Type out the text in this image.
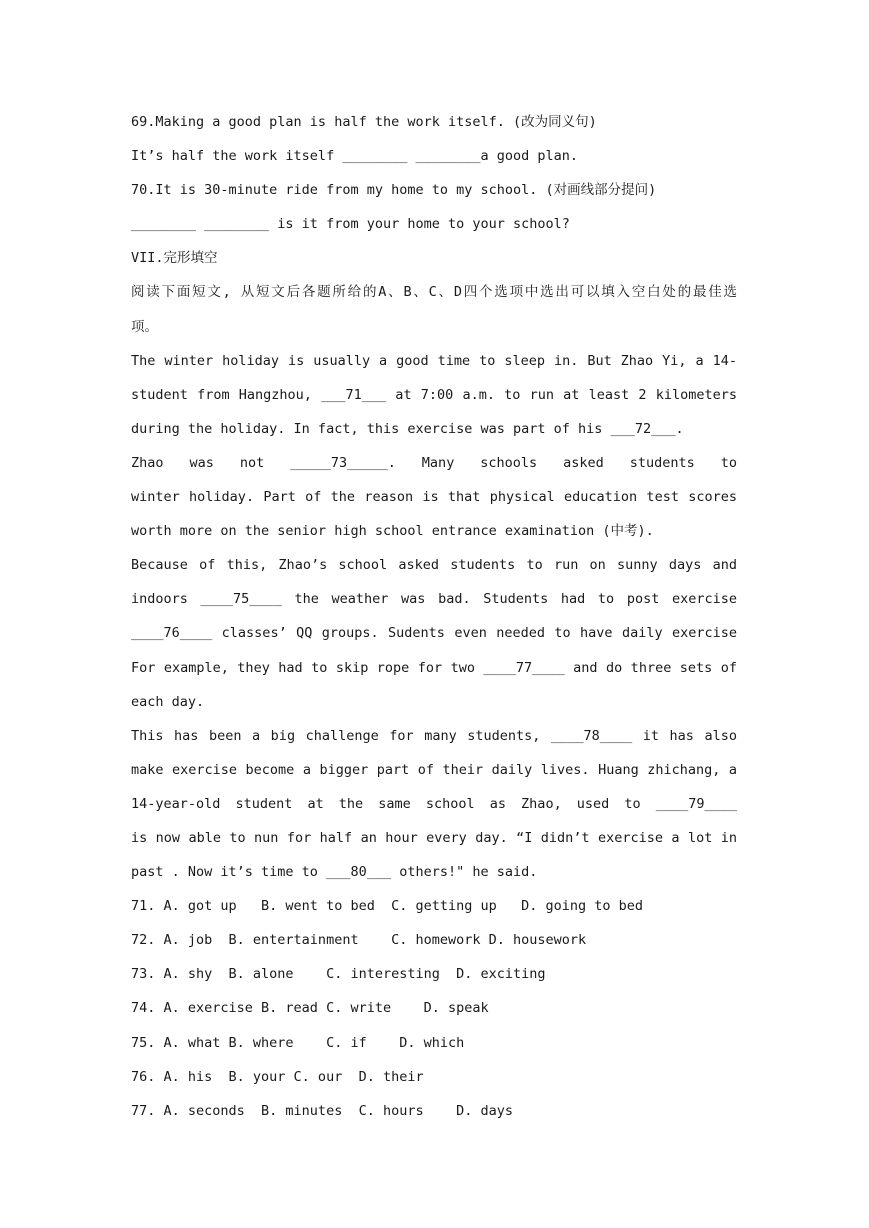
69.Making a good plan is half the work itself. (改为同义句)
It’s half the work itself ________ ________a good plan.
70.It is 30-minute ride from my home to my school. (对画线部分提问)
________ ________ is it from your home to your school?
VII.完形填空
阅读下面短文, 从短文后各题所给的A、B、C、D四个选项中选出可以填入空白处的最佳选
项。
The winter holiday is usually a good time to sleep in. But Zhao Yi, a 14-
student from Hangzhou, ___71___ at 7:00 a.m. to run at least 2 kilometers
during the holiday. In fact, this exercise was part of his ___72___.
Zhao was not _____73_____. Many schools asked students to
winter holiday. Part of the reason is that physical education test scores
worth more on the senior high school entrance examination (中考).
Because of this, Zhao’s school asked students to run on sunny days and
indoors ____75____ the weather was bad. Students had to post exercise
____76____ classes’ QQ groups. Sudents even needed to have daily exercise
For example, they had to skip rope for two ____77____ and do three sets of
each day.
This has been a big challenge for many students, ____78____ it has also
make exercise become a bigger part of their daily lives. Huang zhichang, a
14-year-old student at the same school as Zhao, used to ____79____
is now able to nun for half an hour every day. “I didn’t exercise a lot in
past . Now it’s time to ___80___ others!" he said.
71. A. got up   B. went to bed  C. getting up   D. going to bed
72. A. job  B. entertainment    C. homework D. housework
73. A. shy  B. alone    C. interesting  D. exciting
74. A. exercise B. read C. write    D. speak
75. A. what B. where    C. if    D. which
76. A. his  B. your C. our  D. their
77. A. seconds  B. minutes  C. hours    D. days
